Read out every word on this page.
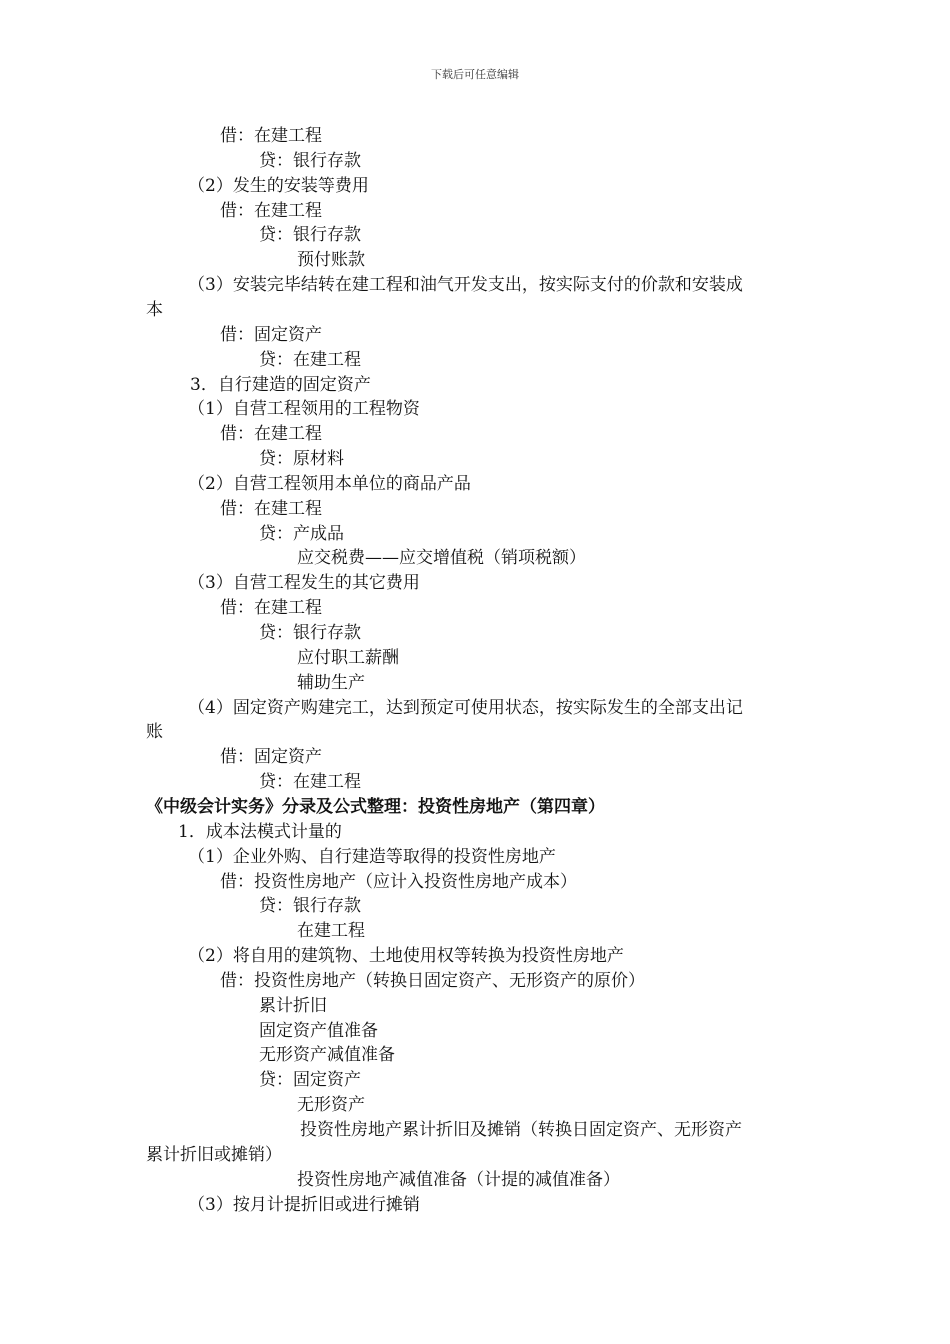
下载后可任意编辑
借：在建工程
贷：银行存款
（2）发生的安装等费用
借：在建工程
贷：银行存款
预付账款
（3）安装完毕结转在建工程和油气开发支出，按实际支付的价款和安装成
本
借：固定资产
贷：在建工程
3．自行建造的固定资产
（1）自营工程领用的工程物资
借：在建工程
贷：原材料
（2）自营工程领用本单位的商品产品
借：在建工程
贷：产成品
应交税费——应交增值税（销项税额）
（3）自营工程发生的其它费用
借：在建工程
贷：银行存款
应付职工薪酬
辅助生产
（4）固定资产购建完工，达到预定可使用状态，按实际发生的全部支出记
账
借：固定资产
贷：在建工程
《中级会计实务》分录及公式整理：投资性房地产（第四章）
1．成本法模式计量的
（1）企业外购、自行建造等取得的投资性房地产
借：投资性房地产（应计入投资性房地产成本）
贷：银行存款
在建工程
（2）将自用的建筑物、土地使用权等转换为投资性房地产
借：投资性房地产（转换日固定资产、无形资产的原价）
累计折旧
固定资产值准备
无形资产减值准备
贷：固定资产
无形资产
投资性房地产累计折旧及摊销（转换日固定资产、无形资产
累计折旧或摊销）
投资性房地产减值准备（计提的减值准备）
（3）按月计提折旧或进行摊销
